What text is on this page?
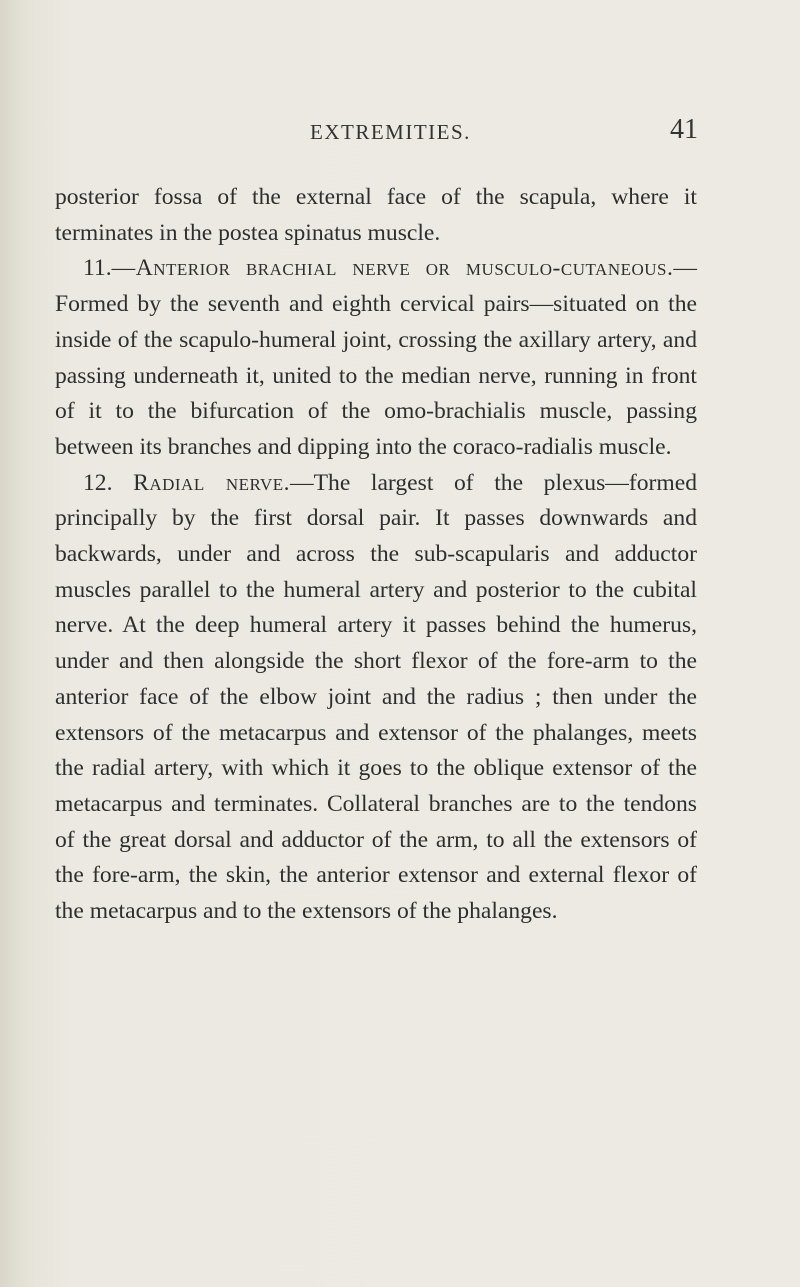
EXTREMITIES.	41

posterior fossa of the external face of the scapula, where it terminates in the postea spinatus muscle.

11.—Anterior brachial nerve or musculo-cutaneous.—Formed by the seventh and eighth cervical pairs—situated on the inside of the scapulo-humeral joint, crossing the axillary artery, and passing underneath it, united to the median nerve, running in front of it to the bifurcation of the omo-brachialis muscle, passing between its branches and dipping into the coraco-radialis muscle.

12. Radial nerve.—The largest of the plexus—formed principally by the first dorsal pair. It passes downwards and backwards, under and across the sub-scapularis and adductor muscles parallel to the humeral artery and posterior to the cubital nerve. At the deep humeral artery it passes behind the humerus, under and then alongside the short flexor of the fore-arm to the anterior face of the elbow joint and the radius ; then under the extensors of the metacarpus and extensor of the phalanges, meets the radial artery, with which it goes to the oblique extensor of the metacarpus and terminates. Collateral branches are to the tendons of the great dorsal and adductor of the arm, to all the extensors of the fore-arm, the skin, the anterior extensor and external flexor of the metacarpus and to the extensors of the phalanges.
